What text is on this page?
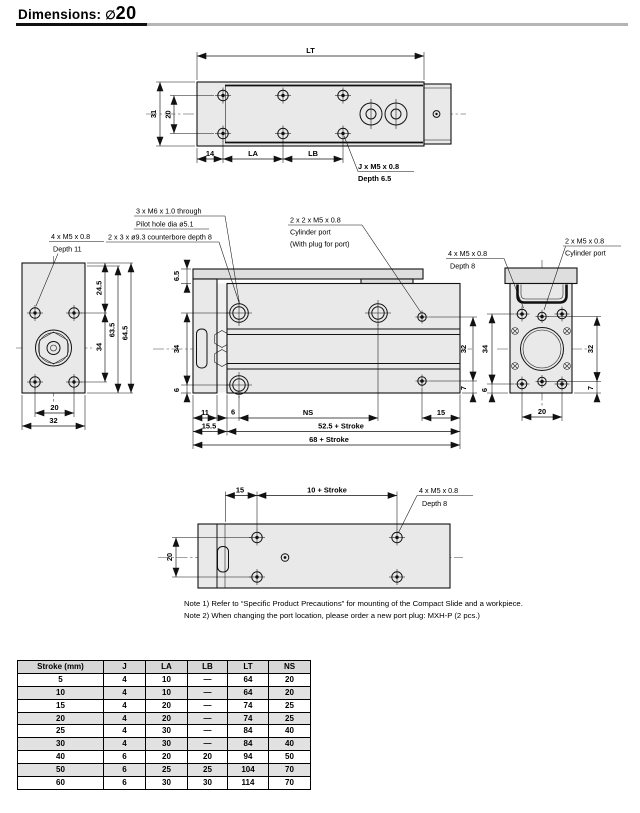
Dimensions: ∅ 20
LT
31 20
14	LA	LB
J x M5 x 0.8
Depth 6.5
4 x M5 x 0.8
Depth 11
24.5
34
63.5 64.5
20
32
3 x M6 x 1.0 through
Pilot hole dia ø5.1
2 x 3 x ø9.3 counterbore depth 8
2 x 2 x M5 x 0.8
Cylinder port
(With plug for port)
6.5
34
6
32
7
11	6	NS	15
15.5	52.5 + Stroke
68 + Stroke
4 x M5 x 0.8
Depth 8
2 x M5 x 0.8
Cylinder port
34
6
32
7
20
15	10 + Stroke	4 x M5 x 0.8
Depth 8
20
Note 1) Refer to “Specific Product Precautions” for mounting of the Compact Slide and a workpiece.
Note 2) When changing the port location, please order a new port plug: MXH-P (2 pcs.)
Stroke (mm)	J	LA	LB	LT	NS
5	4	10	—	64	20
10	4	10	—	64	20
15	4	20	—	74	25
20	4	20	—	74	25
25	4	30	—	84	40
30	4	30	—	84	40
40	6	20	20	94	50
50	6	25	25	104	70
60	6	30	30	114	70
